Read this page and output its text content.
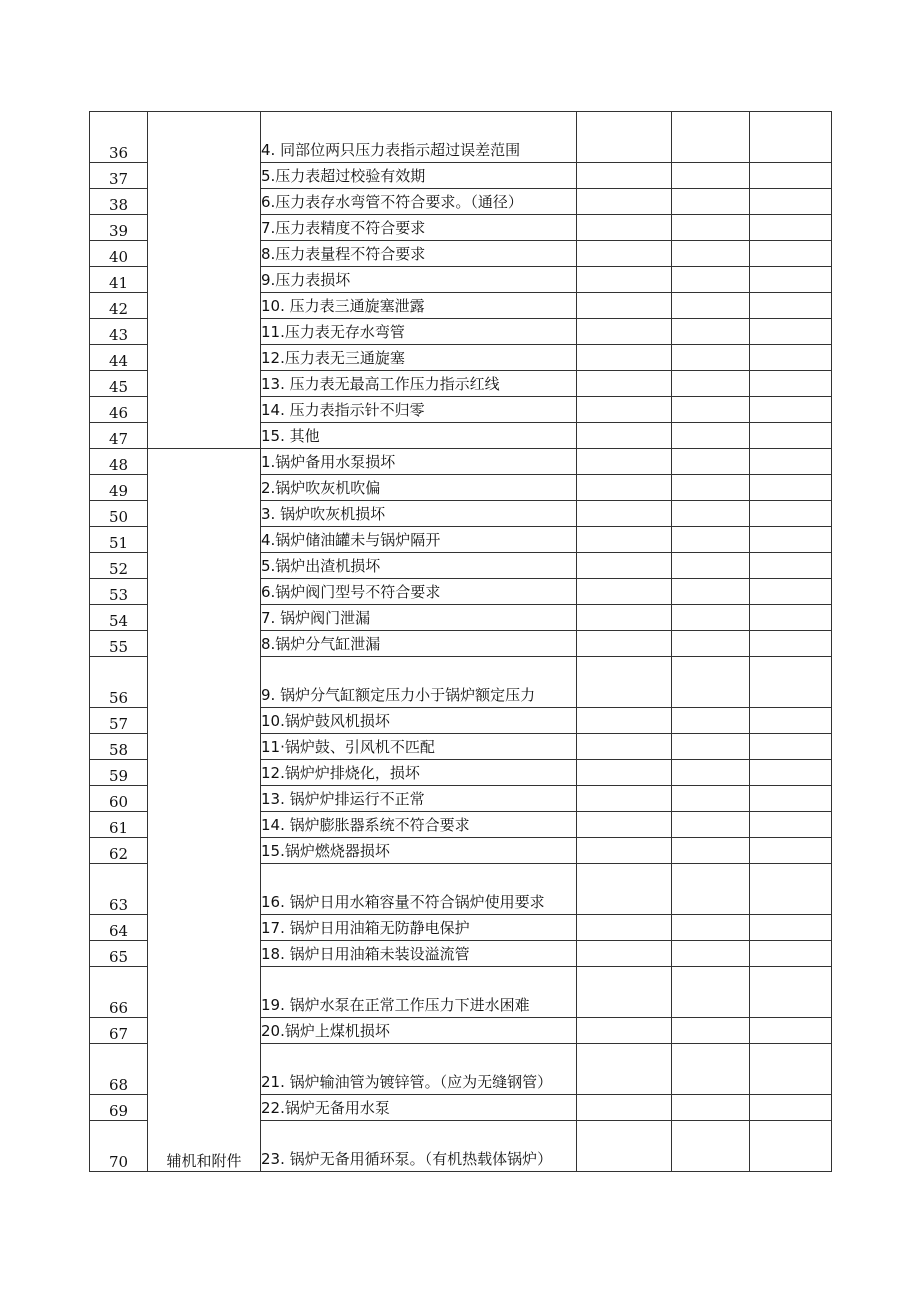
36		4. 同部位两只压力表指示超过误差范围			
37		5.压力表超过校验有效期			
38		6.压力表存水弯管不符合要求。（通径）			
39		7.压力表精度不符合要求			
40		8.压力表量程不符合要求			
41		9.压力表损坏			
42		10. 压力表三通旋塞泄露			
43		11.压力表无存水弯管			
44		12.压力表无三通旋塞			
45		13. 压力表无最高工作压力指示红线			
46		14. 压力表指示针不归零			
47		15. 其他			
48	辅机和附件	1.锅炉备用水泵损坏			
49		2.锅炉吹灰机吹偏			
50		3. 锅炉吹灰机损坏			
51		4.锅炉储油罐未与锅炉隔开			
52		5.锅炉出渣机损坏			
53		6.锅炉阀门型号不符合要求			
54		7. 锅炉阀门泄漏			
55		8.锅炉分气缸泄漏			
56		9. 锅炉分气缸额定压力小于锅炉额定压力			
57		10.锅炉鼓风机损坏			
58		11·锅炉鼓、引风机不匹配			
59		12.锅炉炉排烧化，损坏			
60		13. 锅炉炉排运行不正常			
61		14. 锅炉膨胀器系统不符合要求			
62		15.锅炉燃烧器损坏			
63		16. 锅炉日用水箱容量不符合锅炉使用要求			
64		17. 锅炉日用油箱无防静电保护			
65		18. 锅炉日用油箱未装设溢流管			
66		19. 锅炉水泵在正常工作压力下进水困难			
67		20.锅炉上煤机损坏			
68		21. 锅炉输油管为镀锌管。（应为无缝钢管）			
69		22.锅炉无备用水泵			
70		23. 锅炉无备用循环泵。（有机热载体锅炉）			
